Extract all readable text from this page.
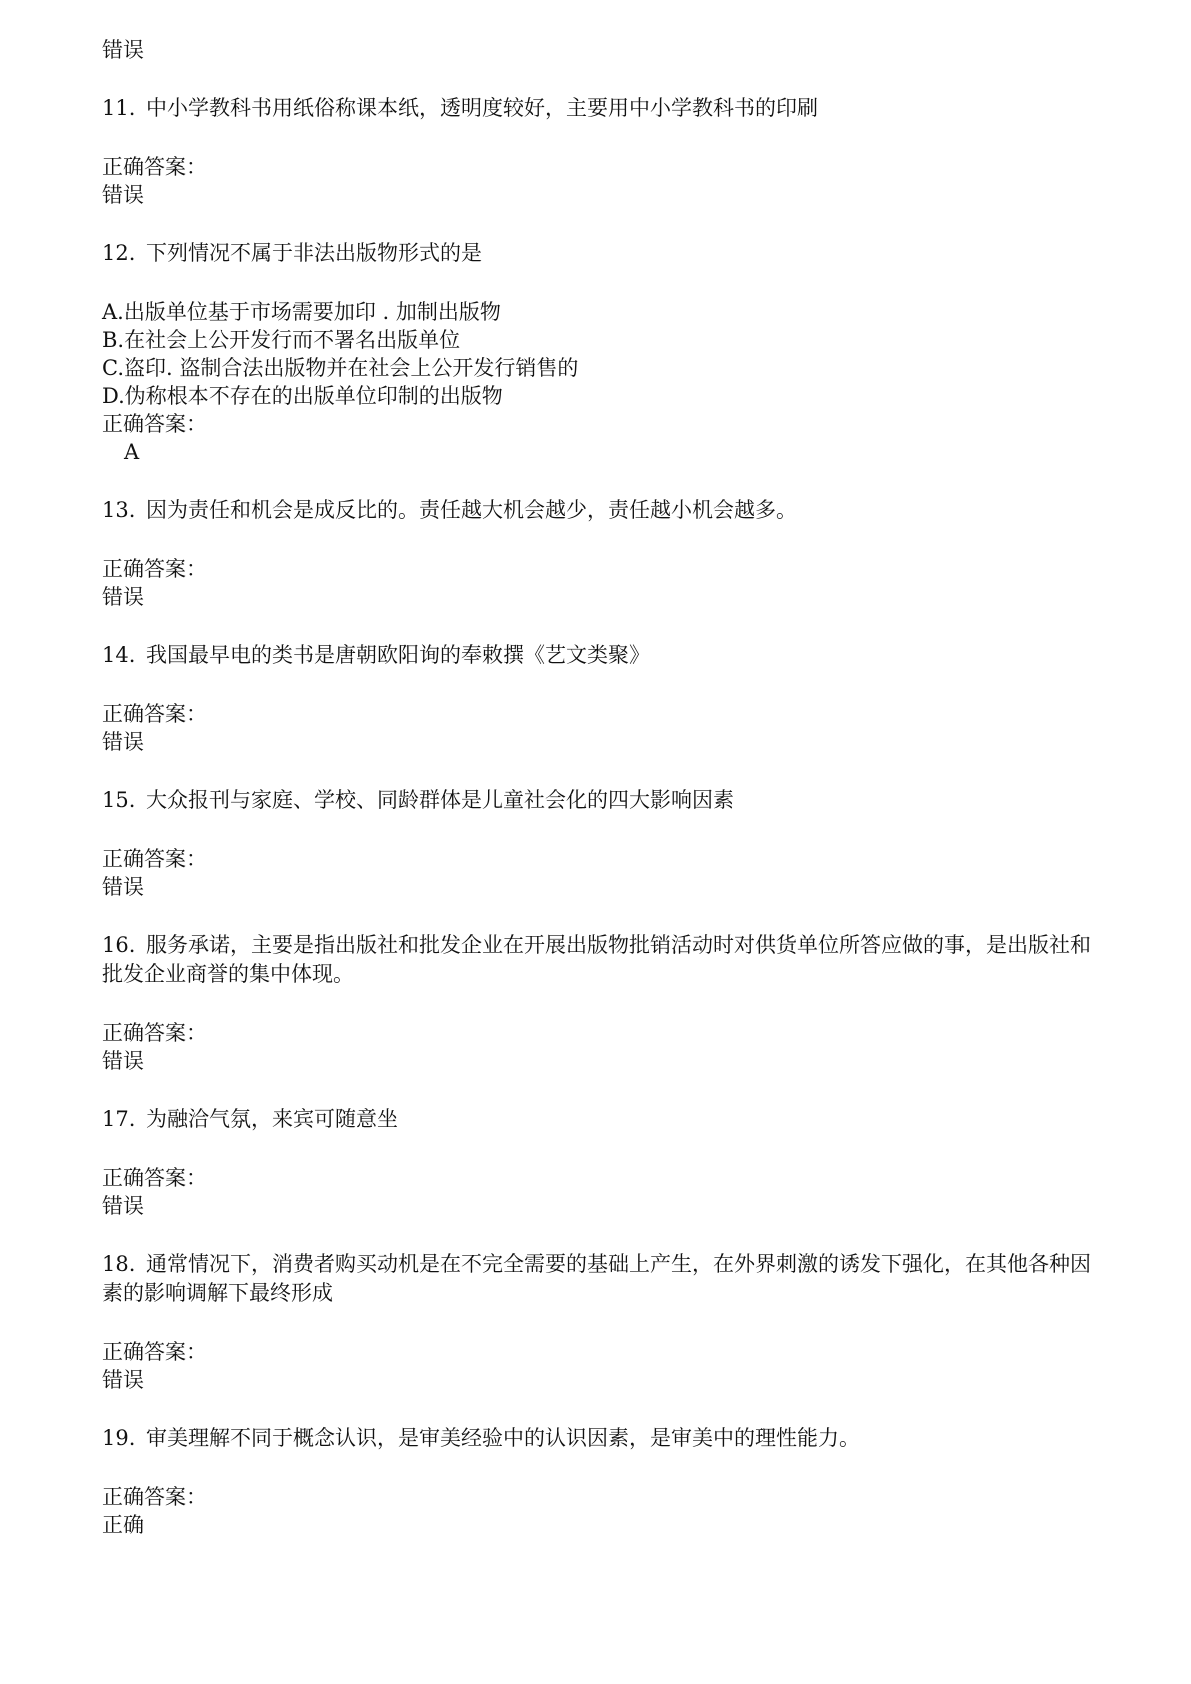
错误

11. 中小学教科书用纸俗称课本纸，透明度较好，主要用中小学教科书的印刷

正确答案：

错误

12. 下列情况不属于非法出版物形式的是

A.出版单位基于市场需要加印 . 加制出版物

B.在社会上公开发行而不署名出版单位

C.盗印. 盗制合法出版物并在社会上公开发行销售的

D.伪称根本不存在的出版单位印制的出版物

正确答案：

A

13. 因为责任和机会是成反比的。责任越大机会越少，责任越小机会越多。

正确答案：

错误

14. 我国最早电的类书是唐朝欧阳询的奉敕撰《艺文类聚》

正确答案：

错误

15. 大众报刊与家庭、学校、同龄群体是儿童社会化的四大影响因素

正确答案：

错误

16. 服务承诺，主要是指出版社和批发企业在开展出版物批销活动时对供货单位所答应做的事，是出版社和批发企业商誉的集中体现。

正确答案：

错误

17. 为融洽气氛，来宾可随意坐

正确答案：

错误

18. 通常情况下，消费者购买动机是在不完全需要的基础上产生，在外界刺激的诱发下强化，在其他各种因素的影响调解下最终形成

正确答案：

错误

19. 审美理解不同于概念认识，是审美经验中的认识因素，是审美中的理性能力。

正确答案：

正确
